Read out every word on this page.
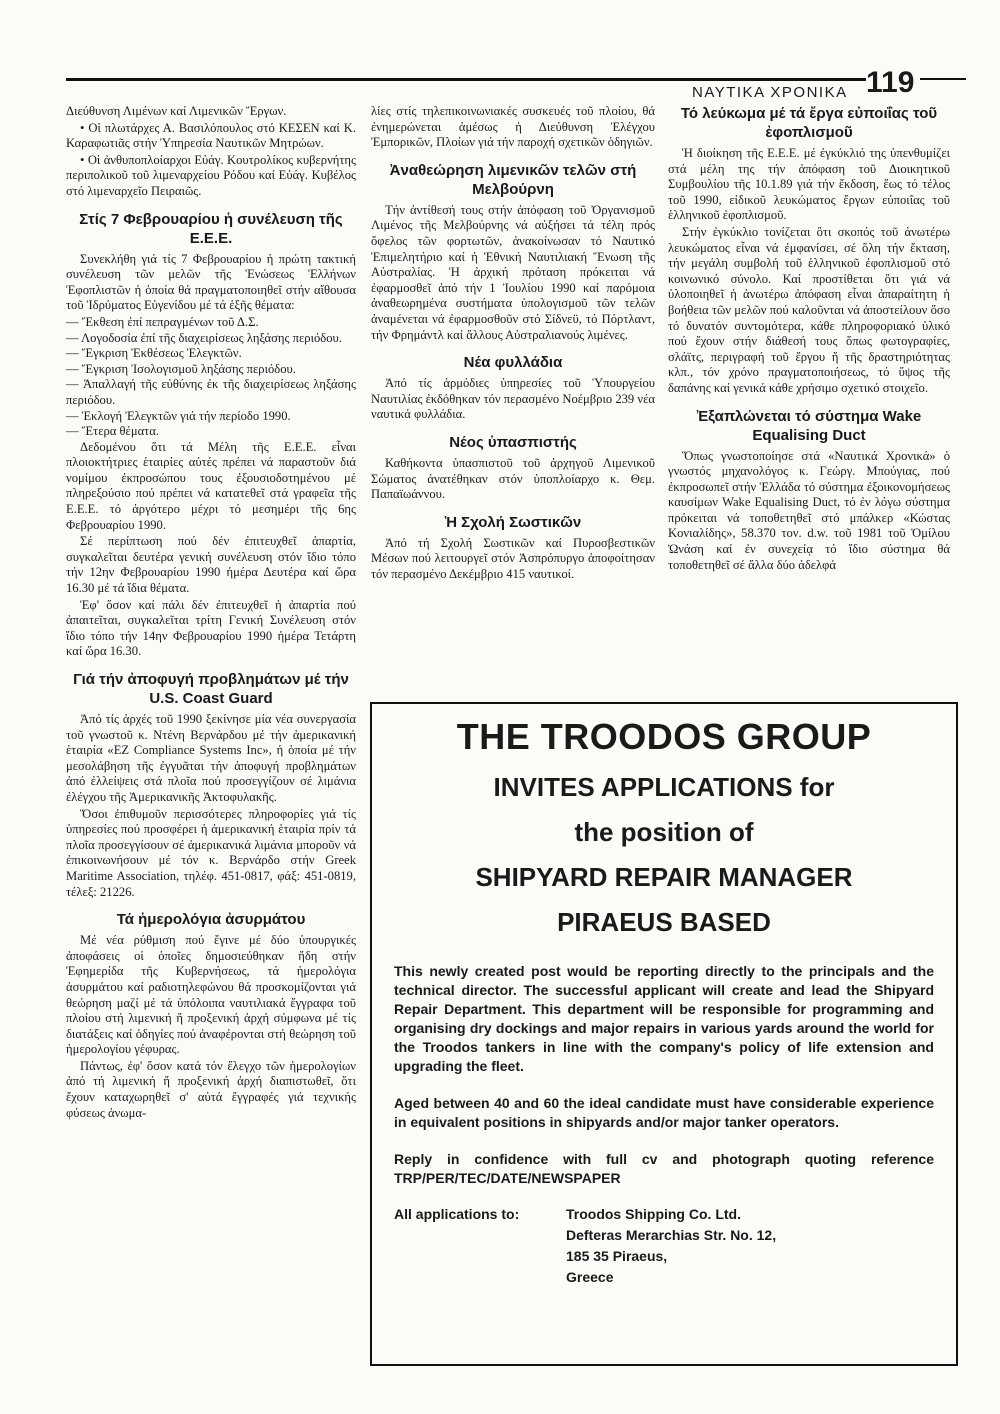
ΝΑΥΤΙΚΑ ΧΡΟΝΙΚΑ 119

Διεύθυνση Λιμένων καί Λιμενικῶν Ἔργων.

• Οἱ πλωτάρχες Α. Βασιλόπουλος στό ΚΕΣΕΝ καί Κ. Καραφωτιᾶς στήν Ὑπηρεσία Ναυτικῶν Μητρώων.

• Οἱ ἀνθυποπλοίαρχοι Εὐάγ. Κουτρολίκος κυβερνήτης περιπολικοῦ τοῦ λιμεναρχείου Ρόδου καί Εὐάγ. Κυβέλος στό λιμεναρχεῖο Πειραιῶς.

Στίς 7 Φεβρουαρίου ἡ συνέλευση τῆς Ε.Ε.Ε.

Συνεκλήθη γιά τίς 7 Φεβρουαρίου ἡ πρώτη τακτική συνέλευση τῶν μελῶν τῆς Ἑνώσεως Ἑλλήνων Ἐφοπλιστῶν ἡ ὁποία θά πραγματοποιηθεῖ στήν αἴθουσα τοῦ Ἱδρύματος Εὐγενίδου μέ τά ἑξῆς θέματα:

— Ἔκθεση ἐπί πεπραγμένων τοῦ Δ.Σ.
— Λογοδοσία ἐπί τῆς διαχειρίσεως ληξάσης περιόδου.
— Ἔγκριση Ἐκθέσεως Ἐλεγκτῶν.
— Ἔγκριση Ἰσολογισμοῦ ληξάσης περιόδου.
— Ἀπαλλαγή τῆς εὐθύνης ἐκ τῆς διαχειρίσεως ληξάσης περιόδου.
— Ἐκλογή Ἐλεγκτῶν γιά τήν περίοδο 1990.
— Ἕτερα θέματα.

Δεδομένου ὅτι τά Μέλη τῆς Ε.Ε.Ε. εἶναι πλοιοκτήτριες ἑταιρίες αὐτές πρέπει νά παραστοῦν διά νομίμου ἐκπροσώπου τους ἐξουσιοδοτημένου μέ πληρεξούσιο πού πρέπει νά κατατεθεῖ στά γραφεῖα τῆς Ε.Ε.Ε. τό ἀργότερο μέχρι τό μεσημέρι τῆς 6ης Φεβρουαρίου 1990.

Σέ περίπτωση πού δέν ἐπιτευχθεῖ ἀπαρτία, συγκαλεῖται δευτέρα γενική συνέλευση στόν ἴδιο τόπο τήν 12ην Φεβρουαρίου 1990 ἡμέρα Δευτέρα καί ὥρα 16.30 μέ τά ἴδια θέματα.

Ἐφ' ὅσον καί πάλι δέν ἐπιτευχθεῖ ἡ ἀπαρτία πού ἀπαιτεῖται, συγκαλεῖται τρίτη Γενική Συνέλευση στόν ἴδιο τόπο τήν 14ην Φεβρουαρίου 1990 ἡμέρα Τετάρτη καί ὥρα 16.30.

Γιά τήν ἀποφυγή προβλημάτων μέ τήν U.S. Coast Guard

Ἀπό τίς ἀρχές τοῦ 1990 ξεκίνησε μία νέα συνεργασία τοῦ γνωστοῦ κ. Ντένη Βερνάρδου μέ τήν ἀμερικανική ἑταιρία «EZ Compliance Systems Inc», ἡ ὁποία μέ τήν μεσολάβηση τῆς ἐγγυᾶται τήν ἀποφυγή προβλημάτων ἀπό ἐλλείψεις στά πλοῖα πού προσεγγίζουν σέ λιμάνια ἐλέγχου τῆς Ἀμερικανικῆς Ἀκτοφυλακῆς.

Ὅσοι ἐπιθυμοῦν περισσότερες πληροφορίες γιά τίς ὑπηρεσίες πού προσφέρει ἡ ἀμερικανική ἑταιρία πρίν τά πλοῖα προσεγγίσουν σέ ἀμερικανικά λιμάνια μποροῦν νά ἐπικοινωνήσουν μέ τόν κ. Βερνάρδο στήν Greek Maritime Association, τηλέφ. 451-0817, φάξ: 451-0819, τέλεξ: 21226.

Τά ἡμερολόγια ἀσυρμάτου

Μέ νέα ρύθμιση πού ἔγινε μέ δύο ὑπουργικές ἀποφάσεις οἱ ὁποῖες δημοσιεύθηκαν ἤδη στήν Ἐφημερίδα τῆς Κυβερνήσεως, τά ἡμερολόγια ἀσυρμάτου καί ραδιοτηλεφώνου θά προσκομίζονται γιά θεώρηση μαζί μέ τά ὑπόλοιπα ναυτιλιακά ἔγγραφα τοῦ πλοίου στή λιμενική ἤ προξενική ἀρχή σύμφωνα μέ τίς διατάξεις καί ὁδηγίες πού ἀναφέρονται στή θεώρηση τοῦ ἡμερολογίου γέφυρας.

Πάντως, ἐφ' ὅσον κατά τόν ἔλεγχο τῶν ἡμερολογίων ἀπό τή λιμενική ἤ προξενική ἀρχή διαπιστωθεῖ, ὅτι ἔχουν καταχωρηθεῖ σ' αὐτά ἔγγραφές γιά τεχνικής φύσεως ἀνωμα-

λίες στίς τηλεπικοινωνιακές συσκευές τοῦ πλοίου, θά ἐνημερώνεται ἀμέσως ἡ Διεύθυνση Ἐλέγχου Ἐμπορικῶν, Πλοίων γιά τήν παροχή σχετικῶν ὁδηγιῶν.

Ἀναθεώρηση λιμενικῶν τελῶν στή Μελβούρνη

Τήν ἀντίθεσή τους στήν ἀπόφαση τοῦ Ὀργανισμοῦ Λιμένος τῆς Μελβούρνης νά αὐξήσει τά τέλη πρός ὄφελος τῶν φορτωτῶν, ἀνακοίνωσαν τό Ναυτικό Ἐπιμελητήριο καί ἡ Ἐθνική Ναυτιλιακή Ἕνωση τῆς Αὐστραλίας. Ἡ ἀρχική πρόταση πρόκειται νά ἐφαρμοσθεῖ ἀπό τήν 1 Ἰουλίου 1990 καί παρόμοια ἀναθεωρημένα συστήματα ὑπολογισμοῦ τῶν τελῶν ἀναμένεται νά ἐφαρμοσθοῦν στό Σίδνεϋ, τό Πόρτλαντ, τήν Φρημάντλ καί ἄλλους Αὐστραλιανούς λιμένες.

Νέα φυλλάδια

Ἀπό τίς ἁρμόδιες ὑπηρεσίες τοῦ Ὑπουργείου Ναυτιλίας ἐκδόθηκαν τόν περασμένο Νοέμβριο 239 νέα ναυτικά φυλλάδια.

Νέος ὑπασπιστής

Καθήκοντα ὑπασπιστοῦ τοῦ ἀρχηγοῦ Λιμενικοῦ Σώματος ἀνατέθηκαν στόν ὑποπλοίαρχο κ. Θεμ. Παπαϊωάννου.

Ἡ Σχολή Σωστικῶν

Ἀπό τή Σχολή Σωστικῶν καί Πυροσβεστικῶν Μέσων πού λειτουργεῖ στόν Ἀσπρόπυργο ἀποφοίτησαν τόν περασμένο Δεκέμβριο 415 ναυτικοί.

Τό λεύκωμα μέ τά ἔργα εὐποιΐας τοῦ ἐφοπλισμοῦ

Ἡ διοίκηση τῆς Ε.Ε.Ε. μέ ἐγκύκλιό της ὑπενθυμίζει στά μέλη της τήν ἀπόφαση τοῦ Διοικητικοῦ Συμβουλίου τῆς 10.1.89 γιά τήν ἔκδοση, ἕως τό τέλος τοῦ 1990, εἰδικοῦ λευκώματος ἔργων εὐποιΐας τοῦ ἑλληνικοῦ ἐφοπλισμοῦ.

Στήν ἐγκύκλιο τονίζεται ὅτι σκοπός τοῦ ἀνωτέρω λευκώματος εἶναι νά ἐμφανίσει, σέ ὅλη τήν ἔκταση, τήν μεγάλη συμβολή τοῦ ἑλληνικοῦ ἐφοπλισμοῦ στό κοινωνικό σύνολο. Καί προστίθεται ὅτι γιά νά ὑλοποιηθεῖ ἡ ἀνωτέρω ἀπόφαση εἶναι ἀπαραίτητη ἡ βοήθεια τῶν μελῶν πού καλοῦνται νά ἀποστείλουν ὅσο τό δυνατόν συντομότερα, κάθε πληροφοριακό ὑλικό πού ἔχουν στήν διάθεσή τους ὅπως φωτογραφίες, σλάϊτς, περιγραφή τοῦ ἔργου ἤ τῆς δραστηριότητας κλπ., τόν χρόνο πραγματοποιήσεως, τό ὕψος τῆς δαπάνης καί γενικά κάθε χρήσιμο σχετικό στοιχεῖο.

Ἐξαπλώνεται τό σύστημα Wake Equalising Duct

Ὅπως γνωστοποίησε στά «Ναυτικά Χρονικά» ὁ γνωστός μηχανολόγος κ. Γεώργ. Μπούγιας, πού ἐκπροσωπεῖ στήν Ἑλλάδα τό σύστημα ἐξοικονομήσεως καυσίμων Wake Equalising Duct, τό ἐν λόγω σύστημα πρόκειται νά τοποθετηθεῖ στό μπάλκερ «Κώστας Κονιαλίδης», 58.370 τον. d.w. τοῦ 1981 τοῦ Ὁμίλου Ὠνάση καί ἐν συνεχείᾳ τό ἴδιο σύστημα θά τοποθετηθεῖ σέ ἄλλα δύο ἀδελφά

THE TROODOS GROUP
INVITES APPLICATIONS for
the position of
SHIPYARD REPAIR MANAGER
PIRAEUS BASED

This newly created post would be reporting directly to the principals and the technical director. The successful applicant will create and lead the Shipyard Repair Department. This department will be responsible for programming and organising dry dockings and major repairs in various yards around the world for the Troodos tankers in line with the company's policy of life extension and upgrading the fleet.

Aged between 40 and 60 the ideal candidate must have considerable experience in equivalent positions in shipyards and/or major tanker operators.

Reply in confidence with full cv and photograph quoting reference TRP/PER/TEC/DATE/NEWSPAPER

All applications to:	Troodos Shipping Co. Ltd.
Defteras Merarchias Str. No. 12,
185 35 Piraeus,
Greece
